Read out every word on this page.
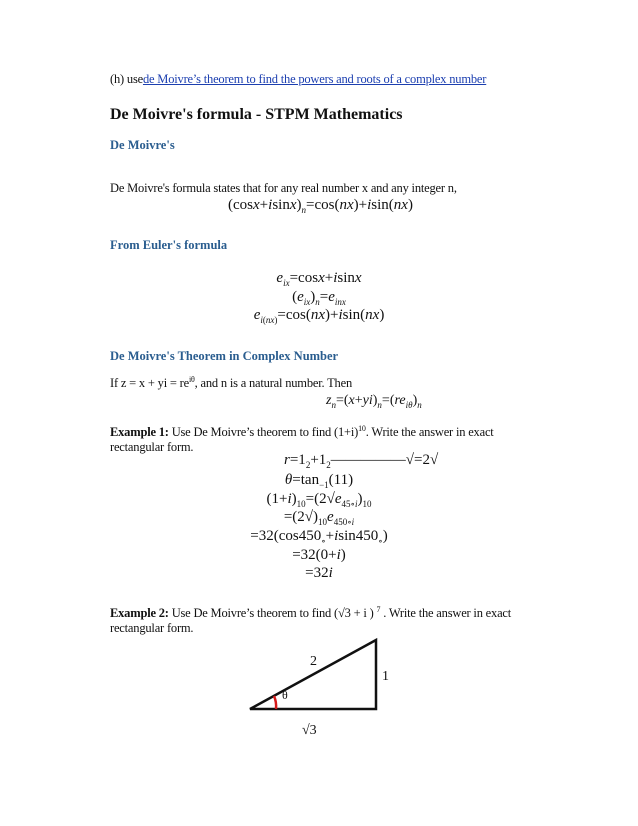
(h) usede Moivre’s theorem to find the powers and roots of a complex number
De Moivre's formula - STPM Mathematics
De Moivre's
De Moivre's formula states that for any real number x and any integer n,
$(\cos x+isinx)_n=\cos(nx)+isin(nx)$
From Euler's formula
$e_{ix}=\cos x+isinx$
$(e_{ix})_n=e_{inx}$
$e_{i(nx)}=\cos(nx)+isin(nx)$
De Moivre's Theorem in Complex Number
If z = x + yi = $re^{i\theta}$, and n is a natural number. Then
$z_n=(x+yi)_n=(re_{i\theta})_n$
Example 1: Use De Moivre’s theorem to find $(1+i)^{10}$. Write the answer in exact
rectangular form.
$r=1_2+1_2—————√=2√$
$\theta=\tan_{-1}(11)$
$(1+i)_{10}=(2√e_{45\circ i})_{10}$
$=(2√)_{10}e_{450\circ i}$
$=32(\cos 450_\circ+isin450_\circ)$
=32(0+i)
=32i
Example 2: Use De Moivre’s theorem to find (√3 + i ) $^7$ . Write the answer in exact
rectangular form.
2
1
θ
√3
